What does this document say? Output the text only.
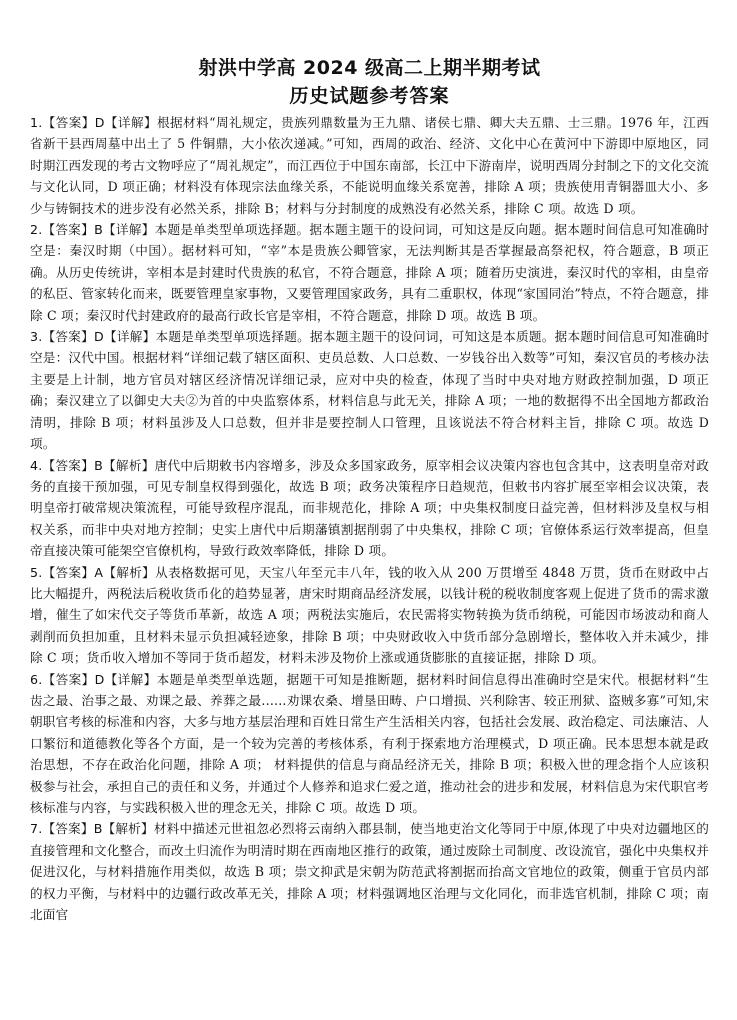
射洪中学高 2024 级高二上期半期考试
历史试题参考答案

1.【答案】D【详解】根据材料“周礼规定，贵族列鼎数量为王九鼎、诸侯七鼎、卿大夫五鼎、士三鼎。1976 年，江西省新干县西周墓中出土了 5 件铜鼎，大小依次递减。”可知，西周的政治、经济、文化中心在黄河中下游即中原地区，同时期江西发现的考古文物呼应了“周礼规定”，而江西位于中国东南部，长江中下游南岸，说明西周分封制之下的文化交流与文化认同，D 项正确；材料没有体现宗法血缘关系，不能说明血缘关系宽善，排除 A 项；贵族使用青铜器皿大小、多少与铸铜技术的进步没有必然关系，排除 B；材料与分封制度的成熟没有必然关系，排除 C 项。故选 D 项。

2.【答案】B【详解】本题是单类型单项选择题。据本题主题干的设问词，可知这是反向题。据本题时间信息可知准确时空是：秦汉时期（中国）。据材料可知，“宰”本是贵族公卿管家，无法判断其是否掌握最高祭祀权，符合题意，B 项正确。从历史传统讲，宰相本是封建时代贵族的私官，不符合题意，排除 A 项；随着历史演进，秦汉时代的宰相，由皇帝的私臣、管家转化而来，既要管理皇家事物，又要管理国家政务，具有二重职权，体现“家国同治”特点，不符合题意，排除 C 项；秦汉时代封建政府的最高行政长官是宰相，不符合题意，排除 D 项。故选 B 项。

3.【答案】D【详解】本题是单类型单项选择题。据本题主题干的设问词，可知这是本质题。据本题时间信息可知准确时空是：汉代中国。根据材料“详细记载了辖区面积、吏员总数、人口总数、一岁钱谷出入数等”可知，秦汉官员的考核办法主要是上计制，地方官员对辖区经济情况详细记录，应对中央的检查，体现了当时中央对地方财政控制加强，D 项正确；秦汉建立了以御史大夫②为首的中央监察体系，材料信息与此无关，排除 A 项；一地的数据得不出全国地方都政治清明，排除 B 项；材料虽涉及人口总数，但并非是要控制人口管理，且该说法不符合材料主旨，排除 C 项。故选 D 项。

4.【答案】B【解析】唐代中后期敕书内容增多，涉及众多国家政务，原宰相会议决策内容也包含其中，这表明皇帝对政务的直接干预加强，可见专制皇权得到强化，故选 B 项；政务决策程序日趋规范，但敕书内容扩展至宰相会议决策，表明皇帝打破常规决策流程，可能导致程序混乱，而非规范化，排除 A 项；中央集权制度日益完善，但材料涉及皇权与相权关系，而非中央对地方控制；史实上唐代中后期藩镇割据削弱了中央集权，排除 C 项；官僚体系运行效率提高，但皇帝直接决策可能架空官僚机构，导致行政效率降低，排除 D 项。

5.【答案】A【解析】从表格数据可见，天宝八年至元丰八年，钱的收入从 200 万贯增至 4848 万贯，货币在财政中占比大幅提升，两税法后税收货币化的趋势显著，唐宋时期商品经济发展，以钱计税的税收制度客观上促进了货币的需求激增，催生了如宋代交子等货币革新，故选 A 项；两税法实施后，农民需将实物转换为货币纳税，可能因市场波动和商人剥削而负担加重，且材料未显示负担减轻迹象，排除 B 项；中央财政收入中货币部分急剧增长，整体收入并未减少，排除 C 项；货币收入增加不等同于货币超发，材料未涉及物价上涨或通货膨胀的直接证据，排除 D 项。

6.【答案】D【详解】本题是单类型单选题，据题干可知是推断题，据材料时间信息得出准确时空是宋代。根据材料“生齿之最、治事之最、劝课之最、养葬之最......劝课农桑、增垦田畴、户口增损、兴利除害、较正刑狱、盗贼多寡”可知,宋朝职官考核的标准和内容，大多与地方基层治理和百姓日常生产生活相关内容，包括社会发展、政治稳定、司法廉洁、人口繁衍和道德教化等各个方面，是一个较为完善的考核体系，有利于探索地方治理模式，D 项正确。民本思想本就是政治思想，不存在政治化问题，排除 A 项； 材料提供的信息与商品经济无关，排除 B 项；积极入世的理念指个人应该积极参与社会，承担自己的责任和义务，并通过个人修养和追求仁爱之道，推动社会的进步和发展，材料信息为宋代职官考核标准与内容，与实践积极入世的理念无关，排除 C 项。故选 D 项。

7.【答案】B【解析】材料中描述元世祖忽必烈将云南纳入郡县制，使当地吏治文化等同于中原,体现了中央对边疆地区的直接管理和文化整合，而改土归流作为明清时期在西南地区推行的政策，通过废除土司制度、改设流官，强化中央集权并促进汉化，与材料措施作用类似，故选 B 项；崇文抑武是宋朝为防范武将割据而抬高文官地位的政策，侧重于官员内部的权力平衡，与材料中的边疆行政改革无关，排除 A 项；材料强调地区治理与文化同化，而非选官机制，排除 C 项；南北面官
